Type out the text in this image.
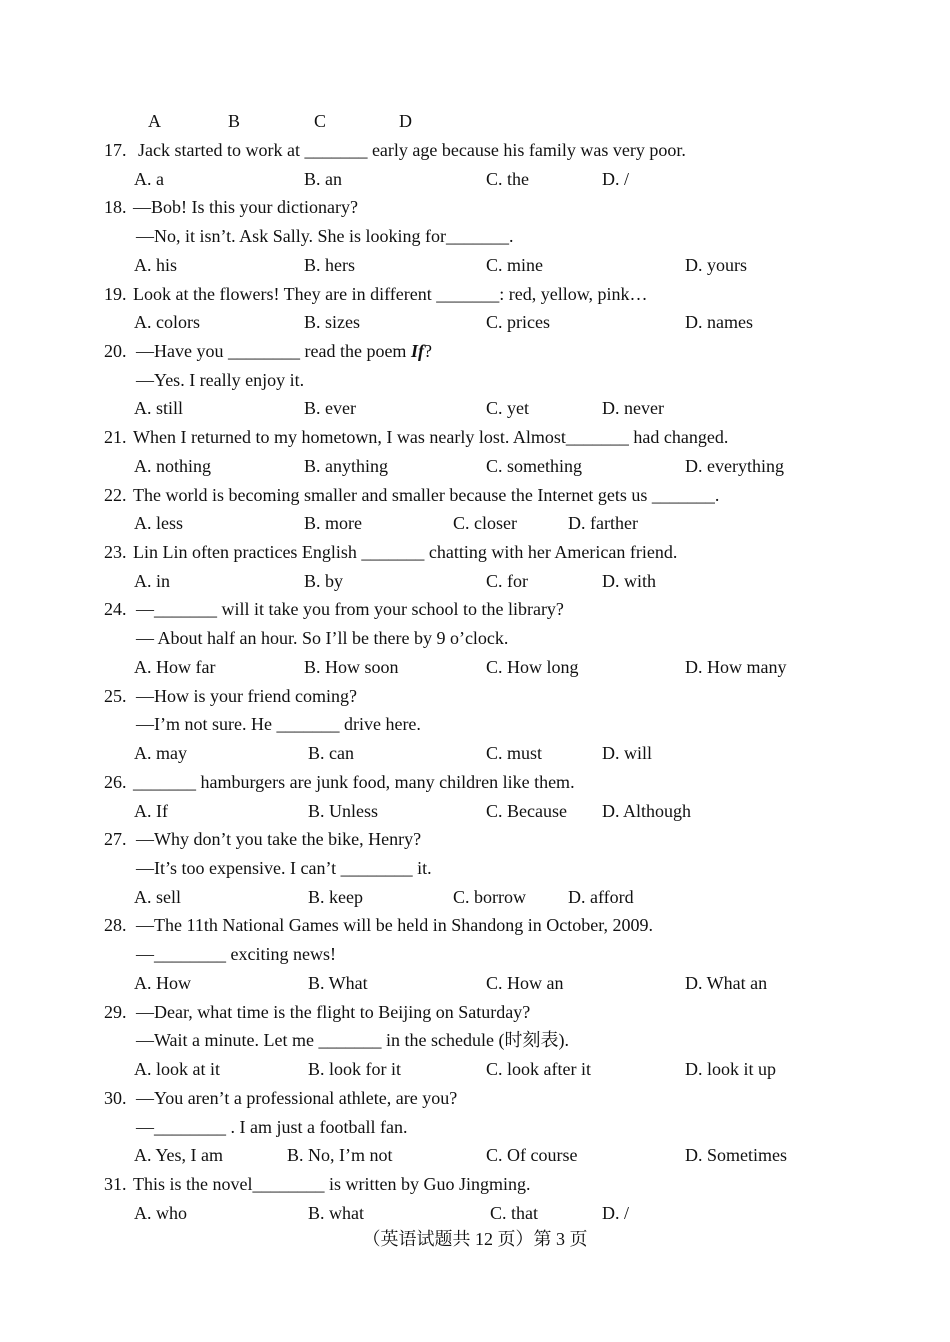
A	B	C	D
17. Jack started to work at _______ early age because his family was very poor.
A. a	B. an	C. the	D. /
18. —Bob! Is this your dictionary?
—No, it isn’t. Ask Sally. She is looking for_______.
A. his	B. hers	C. mine	D. yours
19. Look at the flowers! They are in different _______: red, yellow, pink…
A. colors	B. sizes	C. prices	D. names
20. —Have you ________ read the poem If?
—Yes. I really enjoy it.
A. still	B. ever	C. yet	D. never
21. When I returned to my hometown, I was nearly lost. Almost_______ had changed.
A. nothing	B. anything	C. something	D. everything
22. The world is becoming smaller and smaller because the Internet gets us _______.
A. less	B. more	C. closer	D. farther
23. Lin Lin often practices English _______ chatting with her American friend.
A. in	B. by	C. for	D. with
24. —_______ will it take you from your school to the library?
— About half an hour. So I’ll be there by 9 o’clock.
A. How far	B. How soon	C. How long	D. How many
25. —How is your friend coming?
—I’m not sure. He _______ drive here.
A. may	B. can	C. must	D. will
26. _______ hamburgers are junk food, many children like them.
A. If	B. Unless	C. Because D. Although
27. —Why don’t you take the bike, Henry?
—It’s too expensive. I can’t ________ it.
A. sell	B. keep	C. borrow D. afford
28. —The 11th National Games will be held in Shandong in October, 2009.
—________ exciting news!
A. How	B. What	C. How an	D. What an
29. —Dear, what time is the flight to Beijing on Saturday?
—Wait a minute. Let me _______ in the schedule (时刻表).
A. look at it	B. look for it	C. look after it	D. look it up
30. —You aren’t a professional athlete, are you?
—________ . I am just a football fan.
A. Yes, I am	B. No, I’m not	C. Of course	D. Sometimes
31. This is the novel________ is written by Guo Jingming.
A. who	B. what	C. that	D. /
（英语试题共 12 页）第 3 页
